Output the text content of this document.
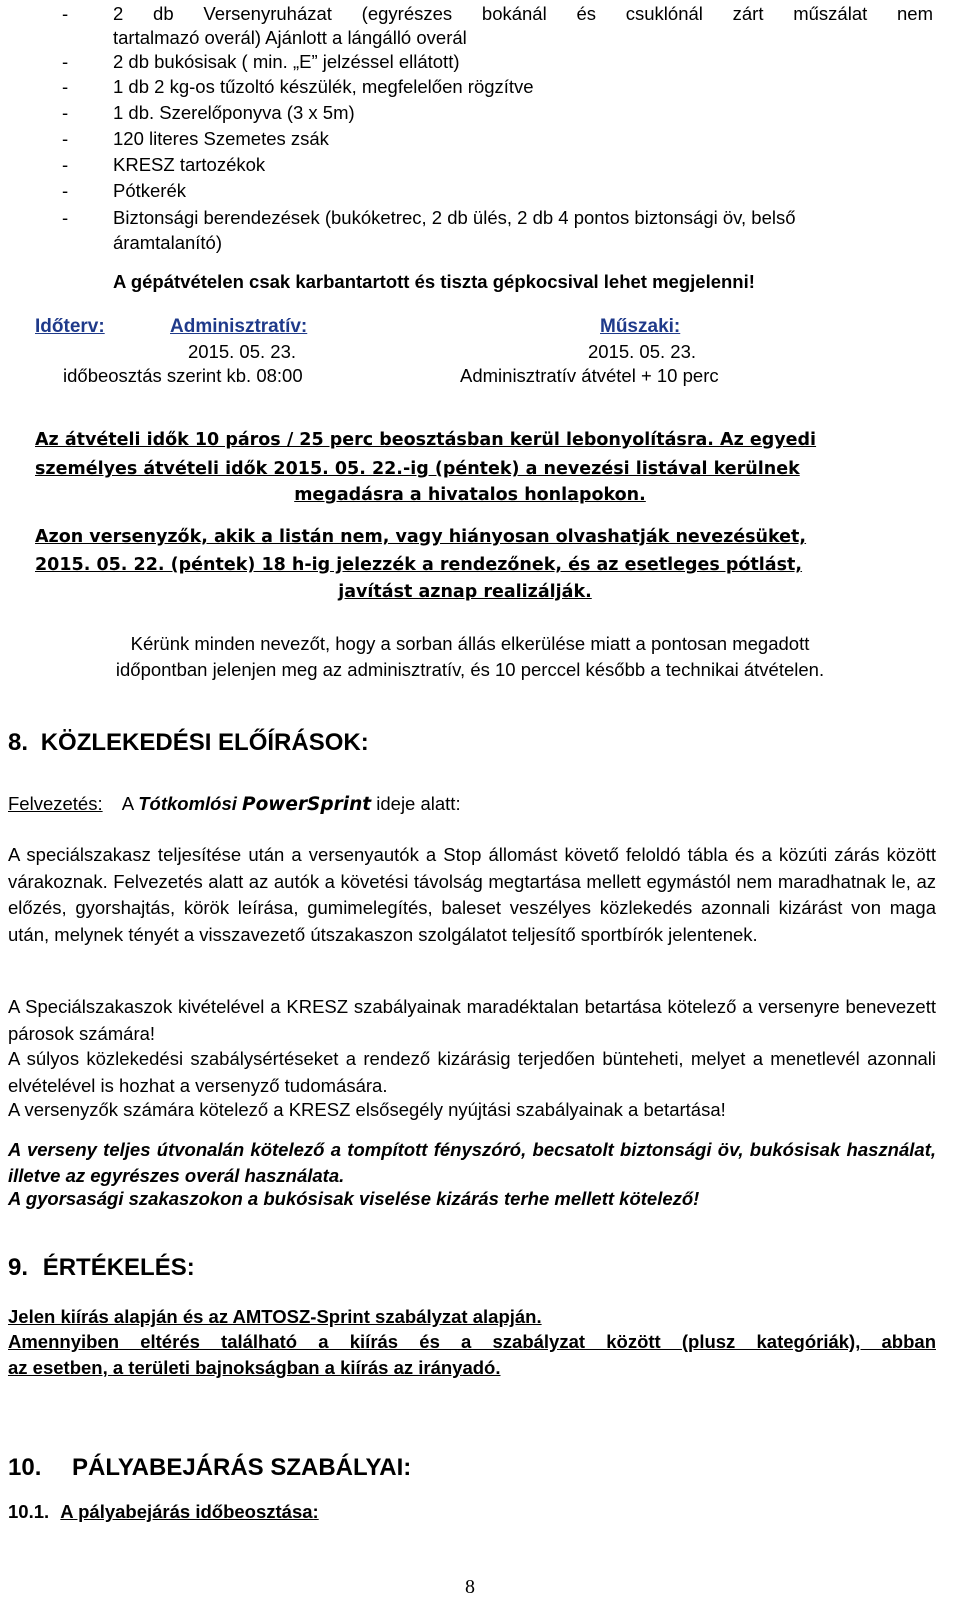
- 2 db Versenyruházat (egyrészes bokánál és csuklónál zárt műszálat nem
tartalmazó overál) Ajánlott a lángálló overál
- 2 db bukósisak ( min. „E” jelzéssel ellátott)
- 1 db 2 kg-os tűzoltó készülék, megfelelően rögzítve
- 1 db. Szerelőponyva (3 x 5m)
- 120 literes Szemetes zsák
- KRESZ tartozékok
- Pótkerék
- Biztonsági berendezések (bukóketrec, 2 db ülés, 2 db 4 pontos biztonsági öv, belső
áramtalanító)
A gépátvételen csak karbantartott és tiszta gépkocsival lehet megjelenni!
Időterv:	Adminisztratív:
2015. 05. 23.
időbeosztás szerint kb. 08:00
Műszaki:
2015. 05. 23.
Adminisztratív átvétel + 10 perc
Az átvételi idők 10 páros / 25 perc beosztásban kerül lebonyolításra. Az egyedi
személyes átvételi idők 2015. 05. 22.-ig (péntek) a nevezési listával kerülnek
megadásra a hivatalos honlapokon.
Azon versenyzők, akik a listán nem, vagy hiányosan olvashatják nevezésüket,
2015. 05. 22. (péntek) 18 h-ig jelezzék a rendezőnek, és az esetleges pótlást,
javítást aznap realizálják.
Kérünk minden nevezőt, hogy a sorban állás elkerülése miatt a pontosan megadott
időpontban jelenjen meg az adminisztratív, és 10 perccel később a technikai átvételen.
8. KÖZLEKEDÉSI ELŐÍRÁSOK:
Felvezetés: A Tótkomlósi PowerSprint ideje alatt:
A speciálszakasz teljesítése után a versenyautók a Stop állomást követő feloldó tábla és a közúti zárás között várakoznak. Felvezetés alatt az autók a követési távolság megtartása mellett egymástól nem maradhatnak le, az előzés, gyorshajtás, körök leírása, gumimelegítés, baleset veszélyes közlekedés azonnali kizárást von maga után, melynek tényét a visszavezető útszakaszon szolgálatot teljesítő sportbírók jelentenek.
A Speciálszakaszok kivételével a KRESZ szabályainak maradéktalan betartása kötelező a versenyre benevezett párosok számára!
A súlyos közlekedési szabálysértéseket a rendező kizárásig terjedően bünteheti, melyet a menetlevél azonnali elvételével is hozhat a versenyző tudomására.
A versenyzők számára kötelező a KRESZ elsősegély nyújtási szabályainak a betartása!
A verseny teljes útvonalán kötelező a tompított fényszóró, becsatolt biztonsági öv, bukósisak használat, illetve az egyrészes overál használata.
A gyorsasági szakaszokon a bukósisak viselése kizárás terhe mellett kötelező!
9. ÉRTÉKELÉS:
Jelen kiírás alapján és az AMTOSZ-Sprint szabályzat alapján.
Amennyiben eltérés található a kiírás és a szabályzat között (plusz kategóriák), abban
az esetben, a területi bajnokságban a kiírás az irányadó.
10. PÁLYABEJÁRÁS SZABÁLYAI:
10.1. A pályabejárás időbeosztása:
8
